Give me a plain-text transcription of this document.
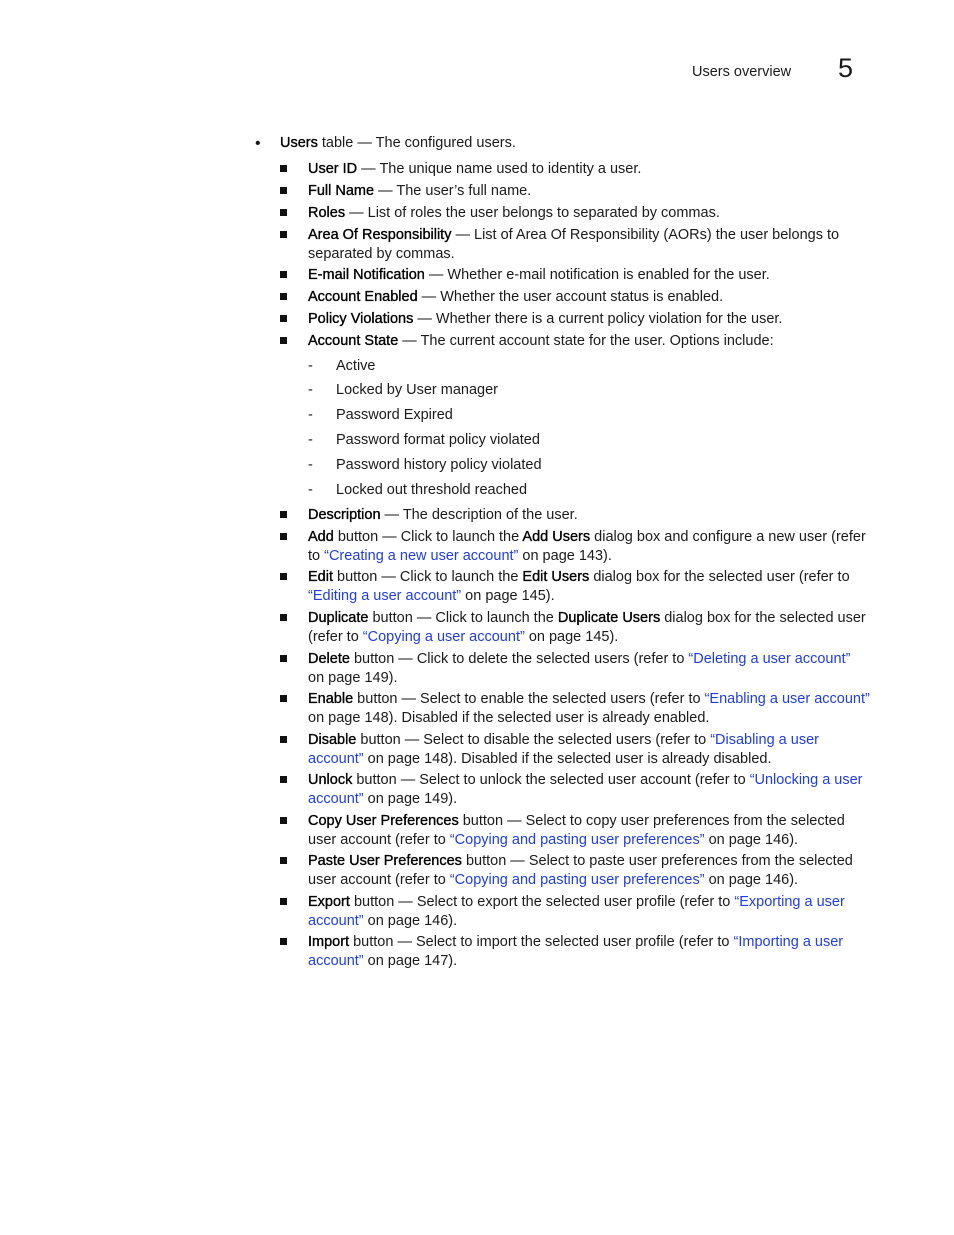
Users overview 5
• Users table — The configured users.
User ID — The unique name used to identity a user.
Full Name — The user’s full name.
Roles — List of roles the user belongs to separated by commas.
Area Of Responsibility — List of Area Of Responsibility (AORs) the user belongs to separated by commas.
E-mail Notification — Whether e-mail notification is enabled for the user.
Account Enabled — Whether the user account status is enabled.
Policy Violations — Whether there is a current policy violation for the user.
Account State — The current account state for the user. Options include:
- Active
- Locked by User manager
- Password Expired
- Password format policy violated
- Password history policy violated
- Locked out threshold reached
Description — The description of the user.
Add button — Click to launch the Add Users dialog box and configure a new user (refer to “Creating a new user account” on page 143).
Edit button — Click to launch the Edit Users dialog box for the selected user (refer to “Editing a user account” on page 145).
Duplicate button — Click to launch the Duplicate Users dialog box for the selected user (refer to “Copying a user account” on page 145).
Delete button — Click to delete the selected users (refer to “Deleting a user account” on page 149).
Enable button — Select to enable the selected users (refer to “Enabling a user account” on page 148). Disabled if the selected user is already enabled.
Disable button — Select to disable the selected users (refer to “Disabling a user account” on page 148). Disabled if the selected user is already disabled.
Unlock button — Select to unlock the selected user account (refer to “Unlocking a user account” on page 149).
Copy User Preferences button — Select to copy user preferences from the selected user account (refer to “Copying and pasting user preferences” on page 146).
Paste User Preferences button — Select to paste user preferences from the selected user account (refer to “Copying and pasting user preferences” on page 146).
Export button — Select to export the selected user profile (refer to “Exporting a user account” on page 146).
Import button — Select to import the selected user profile (refer to “Importing a user account” on page 147).
